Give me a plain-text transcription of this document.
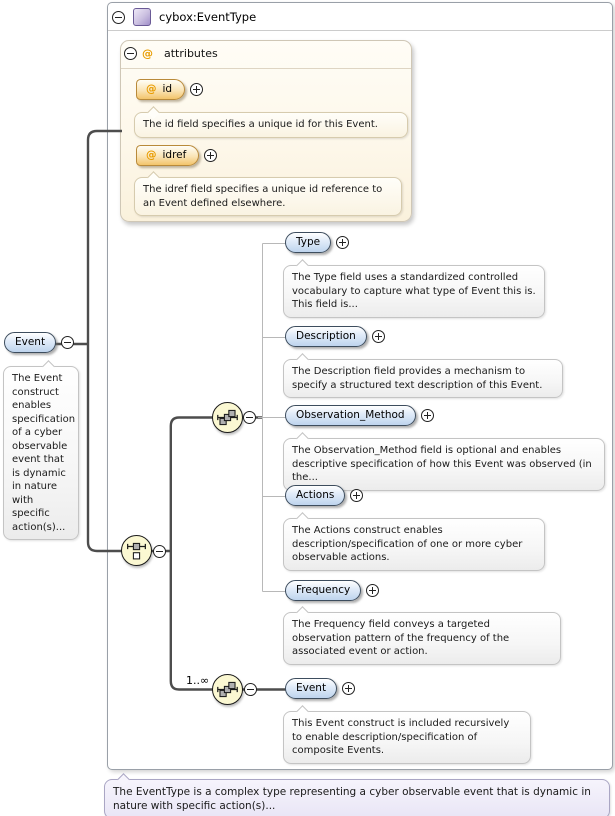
cybox:EventType
@ attributes
@ id
The id field specifies a unique id for this Event.
@ idref
The idref field specifies a unique id reference to an Event defined elsewhere.
Event
The Event construct enables specification of a cyber observable event that is dynamic in nature with specific action(s)...
Type
The Type field uses a standardized controlled vocabulary to capture what type of Event this is. This field is...
Description
The Description field provides a mechanism to specify a structured text description of this Event.
Observation_Method
The Observation_Method field is optional and enables descriptive specification of how this Event was observed (in the...
Actions
The Actions construct enables description/specification of one or more cyber observable actions.
Frequency
The Frequency field conveys a targeted observation pattern of the frequency of the associated event or action.
1..∞
Event
This Event construct is included recursively to enable description/specification of composite Events.
The EventType is a complex type representing a cyber observable event that is dynamic in nature with specific action(s)...
